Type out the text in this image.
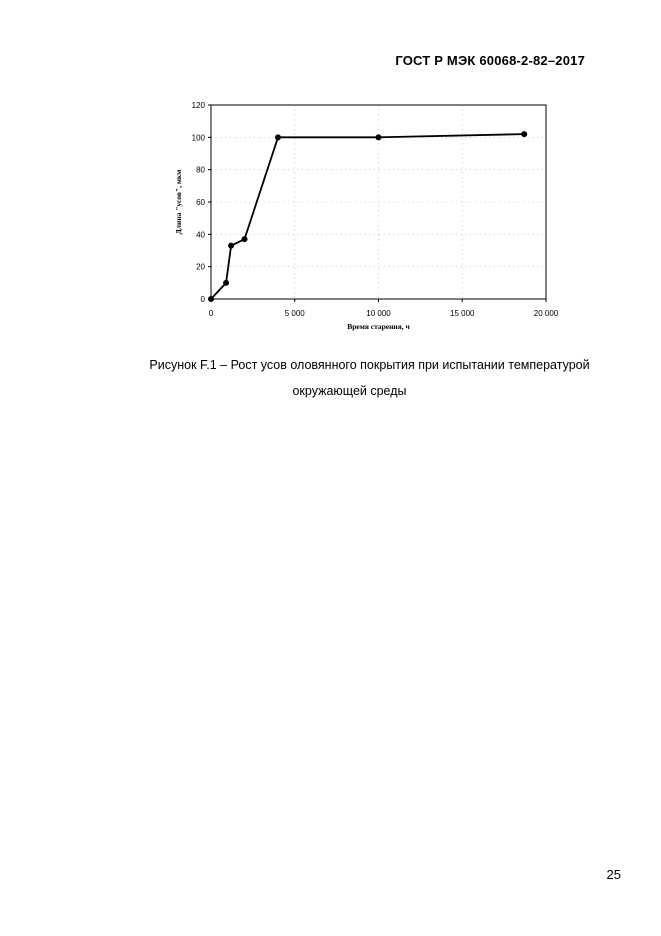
ГОСТ Р МЭК 60068-2-82–2017
0
20
40
60
80
100
120
0	5 000	10 000	15 000	20 000
Время старения, ч
Длина "усов", мкм
Рисунок F.1 – Рост усов оловянного покрытия при испытании температурой
окружающей среды
25
